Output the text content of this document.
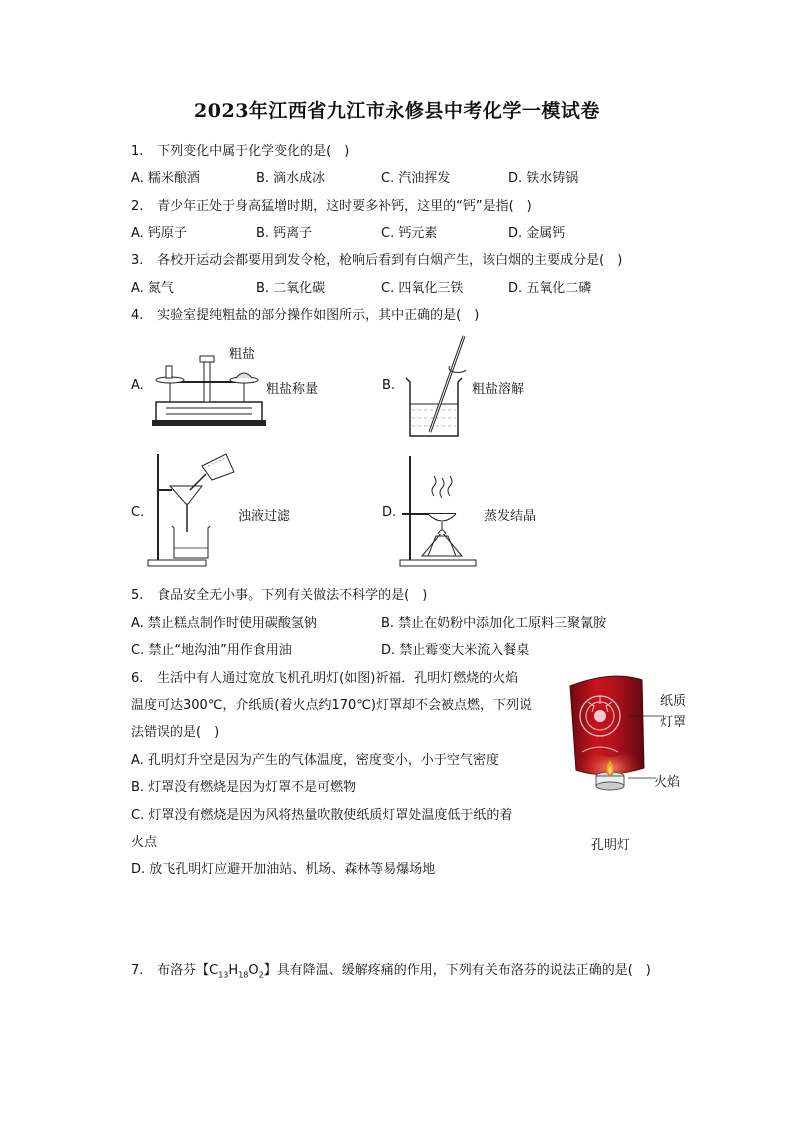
2023年江西省九江市永修县中考化学一模试卷
1. 下列变化中属于化学变化的是(　)
A. 糯米酿酒	B. 滴水成冰	C. 汽油挥发	D. 铁水铸锅
2. 青少年正处于身高猛增时期，这时要多补钙，这里的“钙”是指(　)
A. 钙原子	B. 钙离子	C. 钙元素	D. 金属钙
3. 各校开运动会都要用到发令枪，枪响后看到有白烟产生，该白烟的主要成分是(　)
A. 氮气	B. 二氧化碳	C. 四氧化三铁	D. 五氧化二磷
4. 实验室提纯粗盐的部分操作如图所示，其中正确的是(　)
A.
粗盐
粗盐称量	B.	粗盐溶解
C.	浊液过滤	D.	蒸发结晶
5. 食品安全无小事。下列有关做法不科学的是(　)
A. 禁止糕点制作时使用碳酸氢钠	B. 禁止在奶粉中添加化工原料三聚氰胺
C. 禁止“地沟油”用作食用油	D. 禁止霉变大米流入餐桌
6. 生活中有人通过宽放飞机孔明灯(如图)祈福．孔明灯燃烧的火焰
温度可达300℃，介纸质(着火点约170℃)灯罩却不会被点燃，下列说
法错误的是(　)
A. 孔明灯升空是因为产生的气体温度，密度变小，小于空气密度
B. 灯罩没有燃烧是因为灯罩不是可燃物
C. 灯罩没有燃烧是因为风将热量吹散使纸质灯罩处温度低于纸的着
火点
D. 放飞孔明灯应避开加油站、机场、森林等易爆场地
纸质
灯罩
火焰
孔明灯
7. 布洛芬【$C_{13}H_{18}O_2$】具有降温、缓解疼痛的作用，下列有关布洛芬的说法正确的是(　)
